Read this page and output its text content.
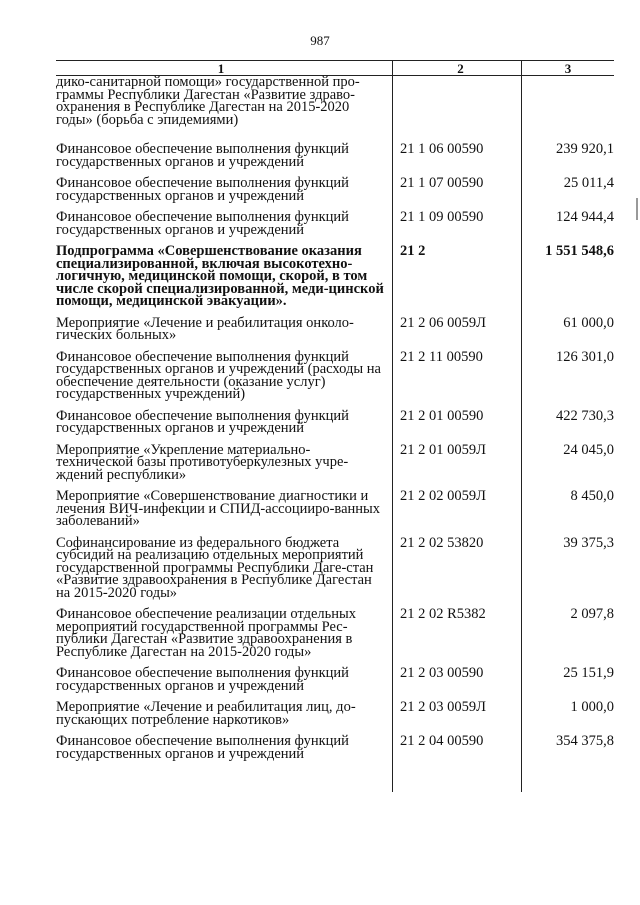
987
1	2	3
дико-санитарной помощи» государственной про-граммы Республики Дагестан «Развитие здраво-охранения в Республике Дагестан на 2015-2020 годы» (борьба с эпидемиями)		

Финансовое обеспечение выполнения функций государственных органов и учреждений	21 1 06 00590	239 920,1

Финансовое обеспечение выполнения функций государственных органов и учреждений	21 1 07 00590	25 011,4

Финансовое обеспечение выполнения функций государственных органов и учреждений	21 1 09 00590	124 944,4

Подпрограмма «Совершенствование оказания специализированной, включая высокотехно-логичную, медицинской помощи, скорой, в том числе скорой специализированной, меди-цинской помощи, медицинской эвакуации».	21 2	1 551 548,6

Мероприятие «Лечение и реабилитация онколо-гических больных»	21 2 06 0059Л	61 000,0

Финансовое обеспечение выполнения функций государственных органов и учреждений (расходы на обеспечение деятельности (оказание услуг) государственных учреждений)	21 2 11 00590	126 301,0

Финансовое обеспечение выполнения функций государственных органов и учреждений	21 2 01 00590	422 730,3

Мероприятие «Укрепление материально-технической базы противотуберкулезных учре-ждений республики»	21 2 01 0059Л	24 045,0

Мероприятие «Совершенствование диагностики и лечения ВИЧ-инфекции и СПИД-ассоцииро-ванных заболеваний»	21 2 02 0059Л	8 450,0

Софинансирование из федерального бюджета субсидий на реализацию отдельных мероприятий государственной программы Республики Даге-стан «Развитие здравоохранения в Республике Дагестан на 2015-2020 годы»	21 2 02 53820	39 375,3

Финансовое обеспечение реализации отдельных мероприятий государственной программы Рес-публики Дагестан «Развитие здравоохранения в Республике Дагестан на 2015-2020 годы»	21 2 02 R5382	2 097,8

Финансовое обеспечение выполнения функций государственных органов и учреждений	21 2 03 00590	25 151,9

Мероприятие «Лечение и реабилитация лиц, до-пускающих потребление наркотиков»	21 2 03 0059Л	1 000,0

Финансовое обеспечение выполнения функций государственных органов и учреждений	21 2 04 00590	354 375,8
